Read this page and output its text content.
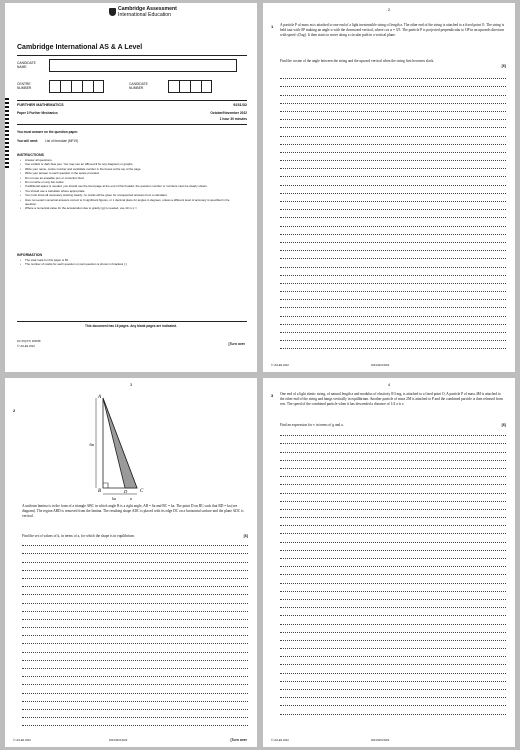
Cambridge Assessment
International Education
Cambridge International AS & A Level
CANDIDATE NAME
CENTRE NUMBER
CANDIDATE NUMBER
FURTHER MATHEMATICS	9231/32
Paper 3 Further Mechanics	October/November 2022
1 hour 30 minutes
You must answer on the question paper.
You will need: List of formulae (MF19)
INSTRUCTIONS
• Answer all questions.
• Use a black or dark blue pen. You may use an HB pencil for any diagrams or graphs.
• Write your name, centre number and candidate number in the boxes at the top of the page.
• Write your answer to each question in the space provided.
• Do not use an erasable pen or correction fluid.
• Do not write on any bar codes.
• If additional space is needed, you should use the lined page at the end of this booklet; the question number or numbers must be clearly shown.
• You should use a calculator where appropriate.
• You must show all necessary working clearly; no marks will be given for unsupported answers from a calculator.
• Give non-exact numerical answers correct to 3 significant figures, or 1 decimal place for angles in degrees, unless a different level of accuracy is specified in the question.
• Where a numerical value for the acceleration due to gravity (g) is needed, use 10 m s⁻².
INFORMATION
• The total mark for this paper is 50.
• The number of marks for each question or part question is shown in brackets [ ].
This document has 16 pages. Any blank pages are indicated.
DC (PQ/CT) 303038
© UCLES 2022
[Turn over
2
1 A particle P of mass m is attached to one end of a light inextensible string of length a. The other end of the string is attached to a fixed point O. The string is held taut with OP making an angle α with the downward vertical, where cos α = 3/5. The particle P is projected perpendicular to OP in an upwards direction with speed √(5ag). It then starts to move along a circular path in a vertical plane.
Find the cosine of the angle between the string and the upward vertical when the string first becomes slack.
[6]
© UCLES 2022	9231/32/O/N/22
3
2
A
B	C
D
6a
ka	a
A uniform lamina is in the form of a triangle ABC in which angle B is a right angle, AB = 6a and BC = ka. The point D on BC such that BD = ka (see diagram). The region ABD is removed from the lamina. The resulting shape ADC is placed with its edge DC on a horizontal surface and the plane ADC is vertical.
Find the set of values of k, in terms of a, for which the shape is in equilibrium.	[6]
© UCLES 2022	9231/32/O/N/22	[Turn over
4
3 One end of a light elastic string, of natural length a and modulus of elasticity 8/3 mg, is attached to a fixed point O. A particle P of mass 4M is attached to the other end of the string and hangs vertically in equilibrium. Another particle of mass 2M is attached to P and the combined particle is then released from rest. The speed of the combined particle when it has descended a distance of 1/4 a is v.
Find an expression for v in terms of g and a.	[6]
© UCLES 2022	9231/32/O/N/22
